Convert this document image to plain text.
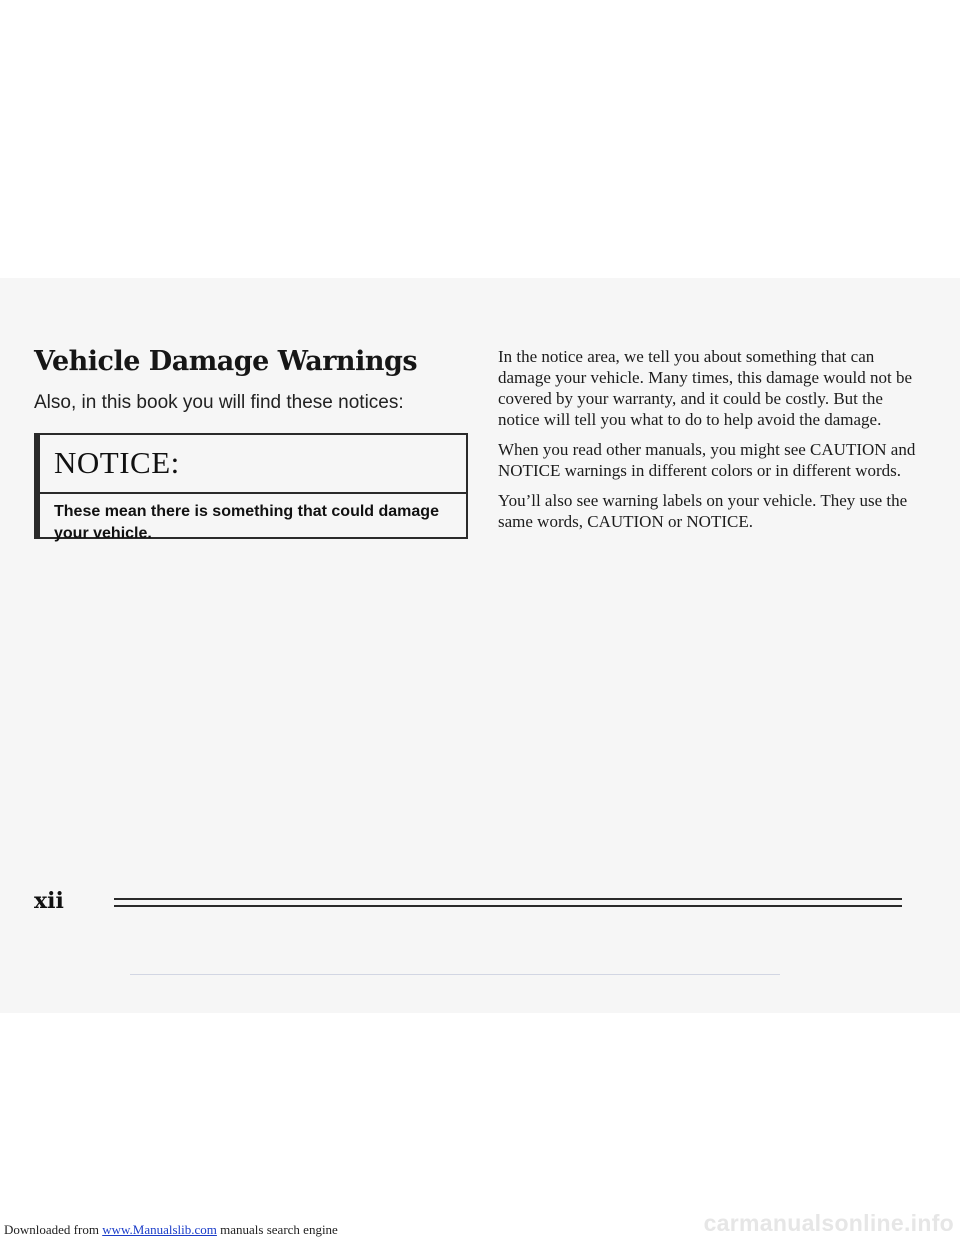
Vehicle Damage Warnings

Also, in this book you will find these notices:

NOTICE:

These mean there is something that could damage your vehicle.

In the notice area, we tell you about something that can damage your vehicle. Many times, this damage would not be covered by your warranty, and it could be costly. But the notice will tell you what to do to help avoid the damage.

When you read other manuals, you might see CAUTION and NOTICE warnings in different colors or in different words.

You’ll also see warning labels on your vehicle. They use the same words, CAUTION or NOTICE.

xii

Downloaded from www.Manualslib.com manuals search engine	carmanualsonline.info
